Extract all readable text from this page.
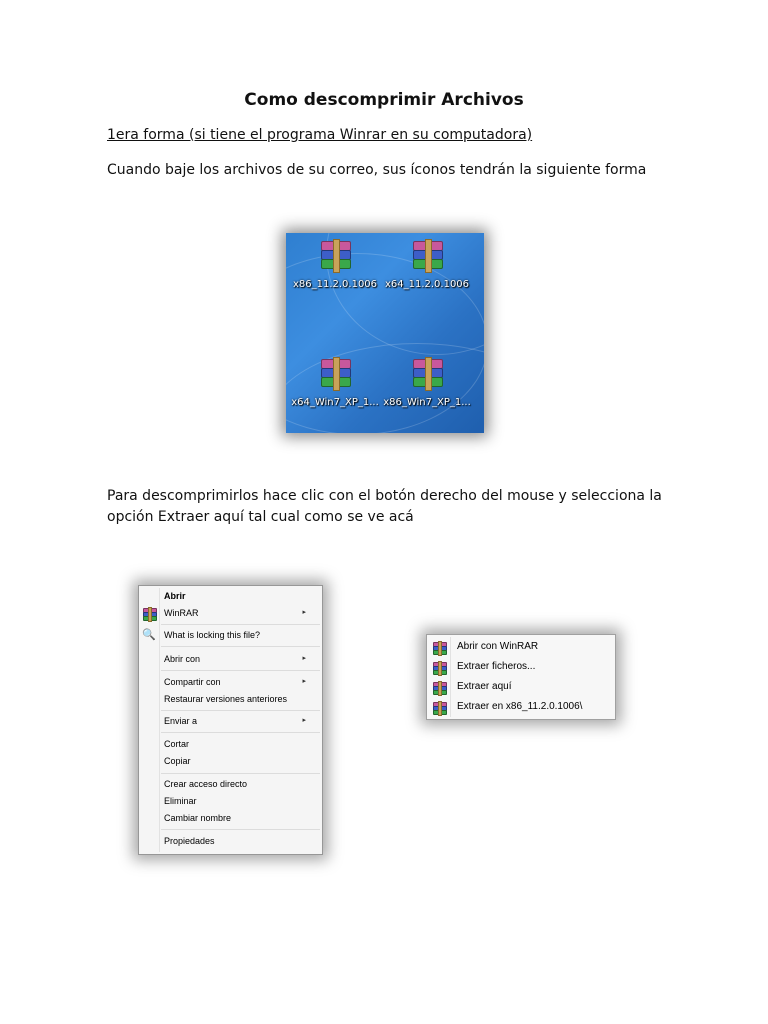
Como descomprimir Archivos
1era forma (si tiene el programa Winrar en su computadora)
Cuando baje los archivos de su correo, sus íconos tendrán la siguiente forma
x86_11.2.0.1006 x64_11.2.0.1006
x64_Win7_XP_1... x86_Win7_XP_1...
Para descomprimirlos hace clic con el botón derecho del mouse y selecciona la opción Extraer aquí tal cual como se ve acá
Abrir
WinRAR	▸
🔍 What is locking this file?
Abrir con	▸
Compartir con	▸
Restaurar versiones anteriores
Enviar a	▸
Cortar
Copiar
Crear acceso directo
Eliminar
Cambiar nombre
Propiedades
Abrir con WinRAR
Extraer ficheros...
Extraer aquí
Extraer en x86_11.2.0.1006\
